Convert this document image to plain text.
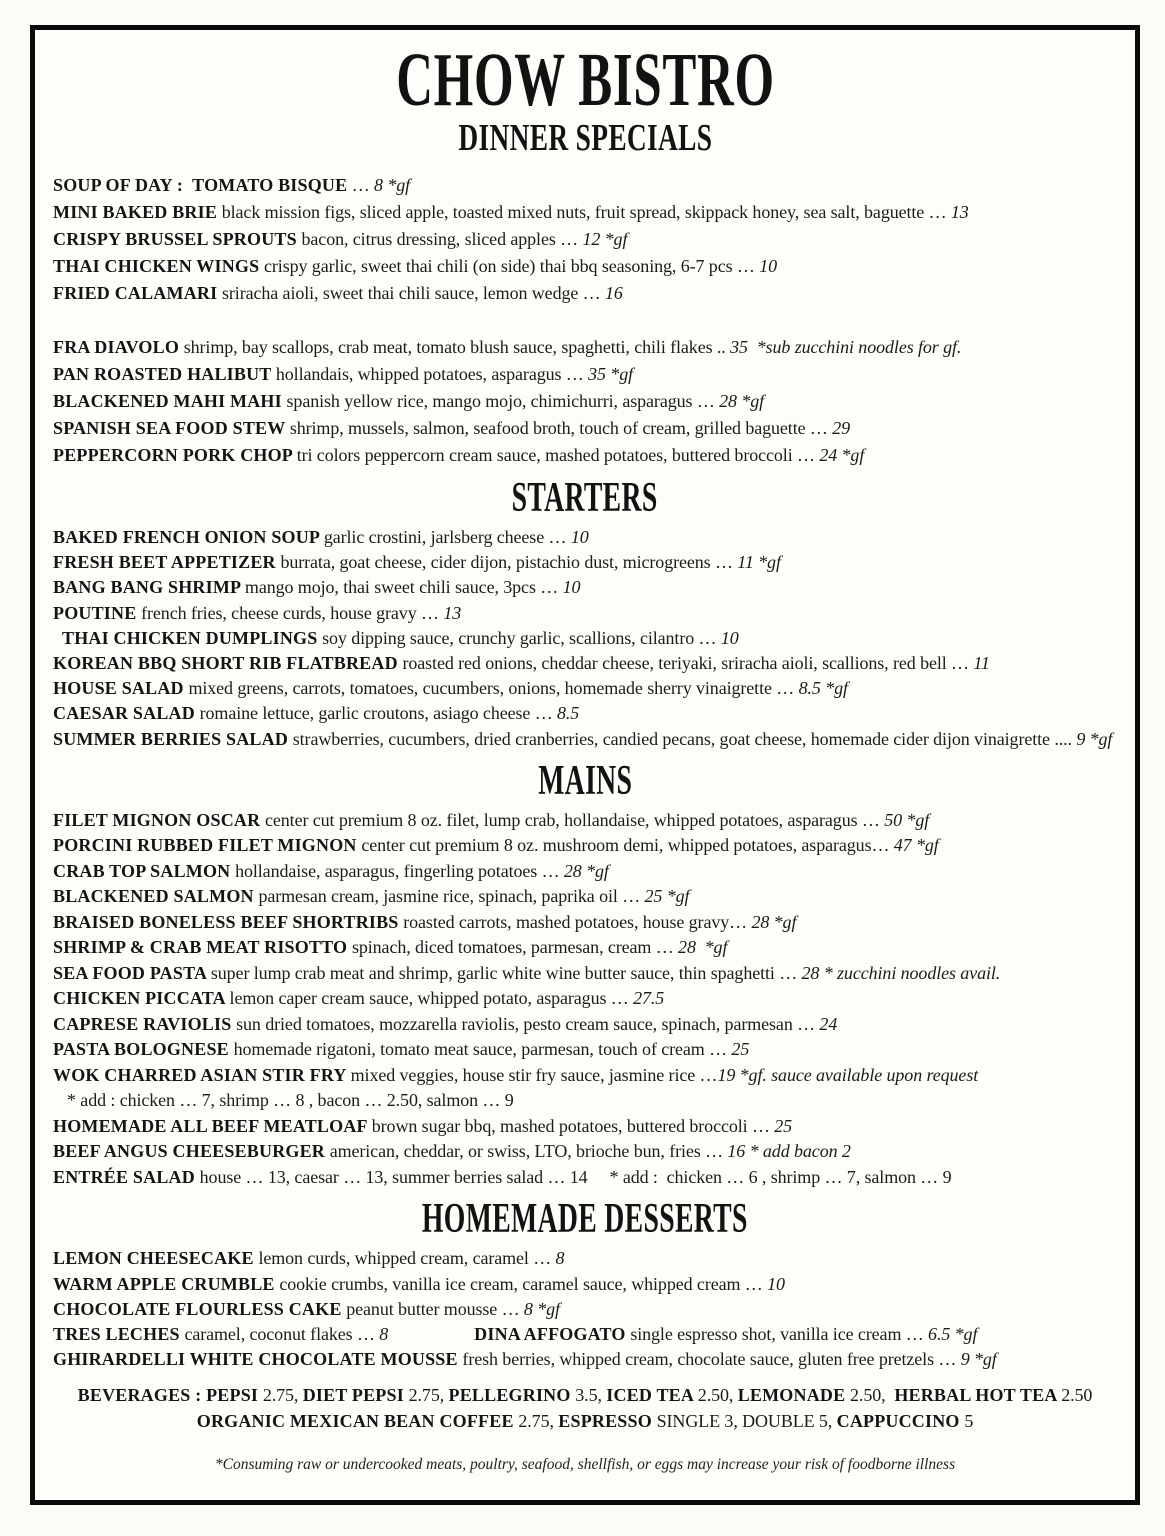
CHOW BISTRO
DINNER SPECIALS
SOUP OF DAY :  TOMATO BISQUE … 8 *gf
MINI BAKED BRIE black mission figs, sliced apple, toasted mixed nuts, fruit spread, skippack honey, sea salt, baguette … 13
CRISPY BRUSSEL SPROUTS bacon, citrus dressing, sliced apples … 12 *gf
THAI CHICKEN WINGS crispy garlic, sweet thai chili (on side) thai bbq seasoning, 6-7 pcs … 10
FRIED CALAMARI sriracha aioli, sweet thai chili sauce, lemon wedge … 16
FRA DIAVOLO shrimp, bay scallops, crab meat, tomato blush sauce, spaghetti, chili flakes .. 35  *sub zucchini noodles for gf.
PAN ROASTED HALIBUT hollandais, whipped potatoes, asparagus … 35 *gf
BLACKENED MAHI MAHI spanish yellow rice, mango mojo, chimichurri, asparagus … 28 *gf
SPANISH SEA FOOD STEW shrimp, mussels, salmon, seafood broth, touch of cream, grilled baguette … 29
PEPPERCORN PORK CHOP tri colors peppercorn cream sauce, mashed potatoes, buttered broccoli … 24 *gf
STARTERS
BAKED FRENCH ONION SOUP garlic crostini, jarlsberg cheese … 10
FRESH BEET APPETIZER burrata, goat cheese, cider dijon, pistachio dust, microgreens … 11 *gf
BANG BANG SHRIMP mango mojo, thai sweet chili sauce, 3pcs … 10
POUTINE french fries, cheese curds, house gravy … 13
THAI CHICKEN DUMPLINGS soy dipping sauce, crunchy garlic, scallions, cilantro … 10
KOREAN BBQ SHORT RIB FLATBREAD roasted red onions, cheddar cheese, teriyaki, sriracha aioli, scallions, red bell … 11
HOUSE SALAD mixed greens, carrots, tomatoes, cucumbers, onions, homemade sherry vinaigrette … 8.5 *gf
CAESAR SALAD romaine lettuce, garlic croutons, asiago cheese … 8.5
SUMMER BERRIES SALAD strawberries, cucumbers, dried cranberries, candied pecans, goat cheese, homemade cider dijon vinaigrette .... 9 *gf
MAINS
FILET MIGNON OSCAR center cut premium 8 oz. filet, lump crab, hollandaise, whipped potatoes, asparagus … 50 *gf
PORCINI RUBBED FILET MIGNON center cut premium 8 oz. mushroom demi, whipped potatoes, asparagus… 47 *gf
CRAB TOP SALMON hollandaise, asparagus, fingerling potatoes … 28 *gf
BLACKENED SALMON parmesan cream, jasmine rice, spinach, paprika oil … 25 *gf
BRAISED BONELESS BEEF SHORTRIBS roasted carrots, mashed potatoes, house gravy… 28 *gf
SHRIMP & CRAB MEAT RISOTTO spinach, diced tomatoes, parmesan, cream … 28  *gf
SEA FOOD PASTA super lump crab meat and shrimp, garlic white wine butter sauce, thin spaghetti … 28 * zucchini noodles avail.
CHICKEN PICCATA lemon caper cream sauce, whipped potato, asparagus … 27.5
CAPRESE RAVIOLIS sun dried tomatoes, mozzarella raviolis, pesto cream sauce, spinach, parmesan … 24
PASTA BOLOGNESE homemade rigatoni, tomato meat sauce, parmesan, touch of cream … 25
WOK CHARRED ASIAN STIR FRY mixed veggies, house stir fry sauce, jasmine rice …19 *gf. sauce available upon request
* add : chicken … 7, shrimp … 8 , bacon … 2.50, salmon … 9
HOMEMADE ALL BEEF MEATLOAF brown sugar bbq, mashed potatoes, buttered broccoli … 25
BEEF ANGUS CHEESEBURGER american, cheddar, or swiss, LTO, brioche bun, fries … 16 * add bacon 2
ENTRÉE SALAD house … 13, caesar … 13, summer berries salad … 14     * add :  chicken … 6 , shrimp … 7, salmon … 9
HOMEMADE DESSERTS
LEMON CHEESECAKE lemon curds, whipped cream, caramel … 8
WARM APPLE CRUMBLE cookie crumbs, vanilla ice cream, caramel sauce, whipped cream … 10
CHOCOLATE FLOURLESS CAKE peanut butter mousse … 8 *gf
TRES LECHES caramel, coconut flakes … 8	DINA AFFOGATO single espresso shot, vanilla ice cream … 6.5 *gf
GHIRARDELLI WHITE CHOCOLATE MOUSSE fresh berries, whipped cream, chocolate sauce, gluten free pretzels … 9 *gf
BEVERAGES : PEPSI 2.75, DIET PEPSI 2.75, PELLEGRINO 3.5, ICED TEA 2.50, LEMONADE 2.50,  HERBAL HOT TEA 2.50
ORGANIC MEXICAN BEAN COFFEE 2.75, ESPRESSO SINGLE 3, DOUBLE 5, CAPPUCCINO 5
*Consuming raw or undercooked meats, poultry, seafood, shellfish, or eggs may increase your risk of foodborne illness
